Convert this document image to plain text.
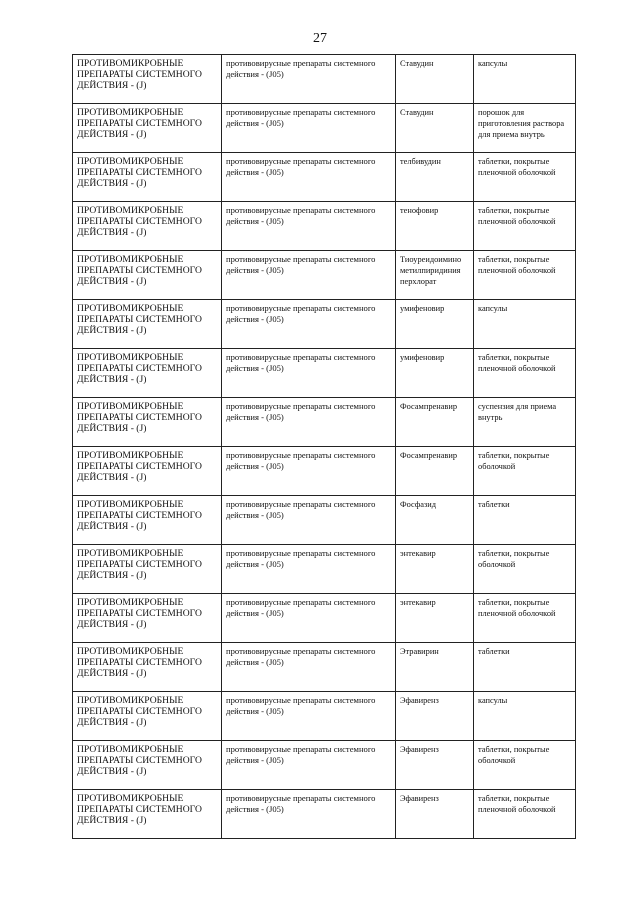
27
ПРОТИВОМИКРОБНЫЕ ПРЕПАРАТЫ СИСТЕМНОГО ДЕЙСТВИЯ - (J)	противовирусные препараты системного действия - (J05)	Ставудин	капсулы
ПРОТИВОМИКРОБНЫЕ ПРЕПАРАТЫ СИСТЕМНОГО ДЕЙСТВИЯ - (J)	противовирусные препараты системного действия - (J05)	Ставудин	порошок для приготовления раствора для приема внутрь
ПРОТИВОМИКРОБНЫЕ ПРЕПАРАТЫ СИСТЕМНОГО ДЕЙСТВИЯ - (J)	противовирусные препараты системного действия - (J05)	телбивудин	таблетки, покрытые пленочной оболочкой
ПРОТИВОМИКРОБНЫЕ ПРЕПАРАТЫ СИСТЕМНОГО ДЕЙСТВИЯ - (J)	противовирусные препараты системного действия - (J05)	тенофовир	таблетки, покрытые пленочной оболочкой
ПРОТИВОМИКРОБНЫЕ ПРЕПАРАТЫ СИСТЕМНОГО ДЕЙСТВИЯ - (J)	противовирусные препараты системного действия - (J05)	Тиоуреидоимино метилпиридиния перхлорат	таблетки, покрытые пленочной оболочкой
ПРОТИВОМИКРОБНЫЕ ПРЕПАРАТЫ СИСТЕМНОГО ДЕЙСТВИЯ - (J)	противовирусные препараты системного действия - (J05)	умифеновир	капсулы
ПРОТИВОМИКРОБНЫЕ ПРЕПАРАТЫ СИСТЕМНОГО ДЕЙСТВИЯ - (J)	противовирусные препараты системного действия - (J05)	умифеновир	таблетки, покрытые пленочной оболочкой
ПРОТИВОМИКРОБНЫЕ ПРЕПАРАТЫ СИСТЕМНОГО ДЕЙСТВИЯ - (J)	противовирусные препараты системного действия - (J05)	Фосампренавир	суспензия для приема внутрь
ПРОТИВОМИКРОБНЫЕ ПРЕПАРАТЫ СИСТЕМНОГО ДЕЙСТВИЯ - (J)	противовирусные препараты системного действия - (J05)	Фосампренавир	таблетки, покрытые оболочкой
ПРОТИВОМИКРОБНЫЕ ПРЕПАРАТЫ СИСТЕМНОГО ДЕЙСТВИЯ - (J)	противовирусные препараты системного действия - (J05)	Фосфазид	таблетки
ПРОТИВОМИКРОБНЫЕ ПРЕПАРАТЫ СИСТЕМНОГО ДЕЙСТВИЯ - (J)	противовирусные препараты системного действия - (J05)	энтекавир	таблетки, покрытые оболочкой
ПРОТИВОМИКРОБНЫЕ ПРЕПАРАТЫ СИСТЕМНОГО ДЕЙСТВИЯ - (J)	противовирусные препараты системного действия - (J05)	энтекавир	таблетки, покрытые пленочной оболочкой
ПРОТИВОМИКРОБНЫЕ ПРЕПАРАТЫ СИСТЕМНОГО ДЕЙСТВИЯ - (J)	противовирусные препараты системного действия - (J05)	Этравирин	таблетки
ПРОТИВОМИКРОБНЫЕ ПРЕПАРАТЫ СИСТЕМНОГО ДЕЙСТВИЯ - (J)	противовирусные препараты системного действия - (J05)	Эфавиренз	капсулы
ПРОТИВОМИКРОБНЫЕ ПРЕПАРАТЫ СИСТЕМНОГО ДЕЙСТВИЯ - (J)	противовирусные препараты системного действия - (J05)	Эфавиренз	таблетки, покрытые оболочкой
ПРОТИВОМИКРОБНЫЕ ПРЕПАРАТЫ СИСТЕМНОГО ДЕЙСТВИЯ - (J)	противовирусные препараты системного действия - (J05)	Эфавиренз	таблетки, покрытые пленочной оболочкой
